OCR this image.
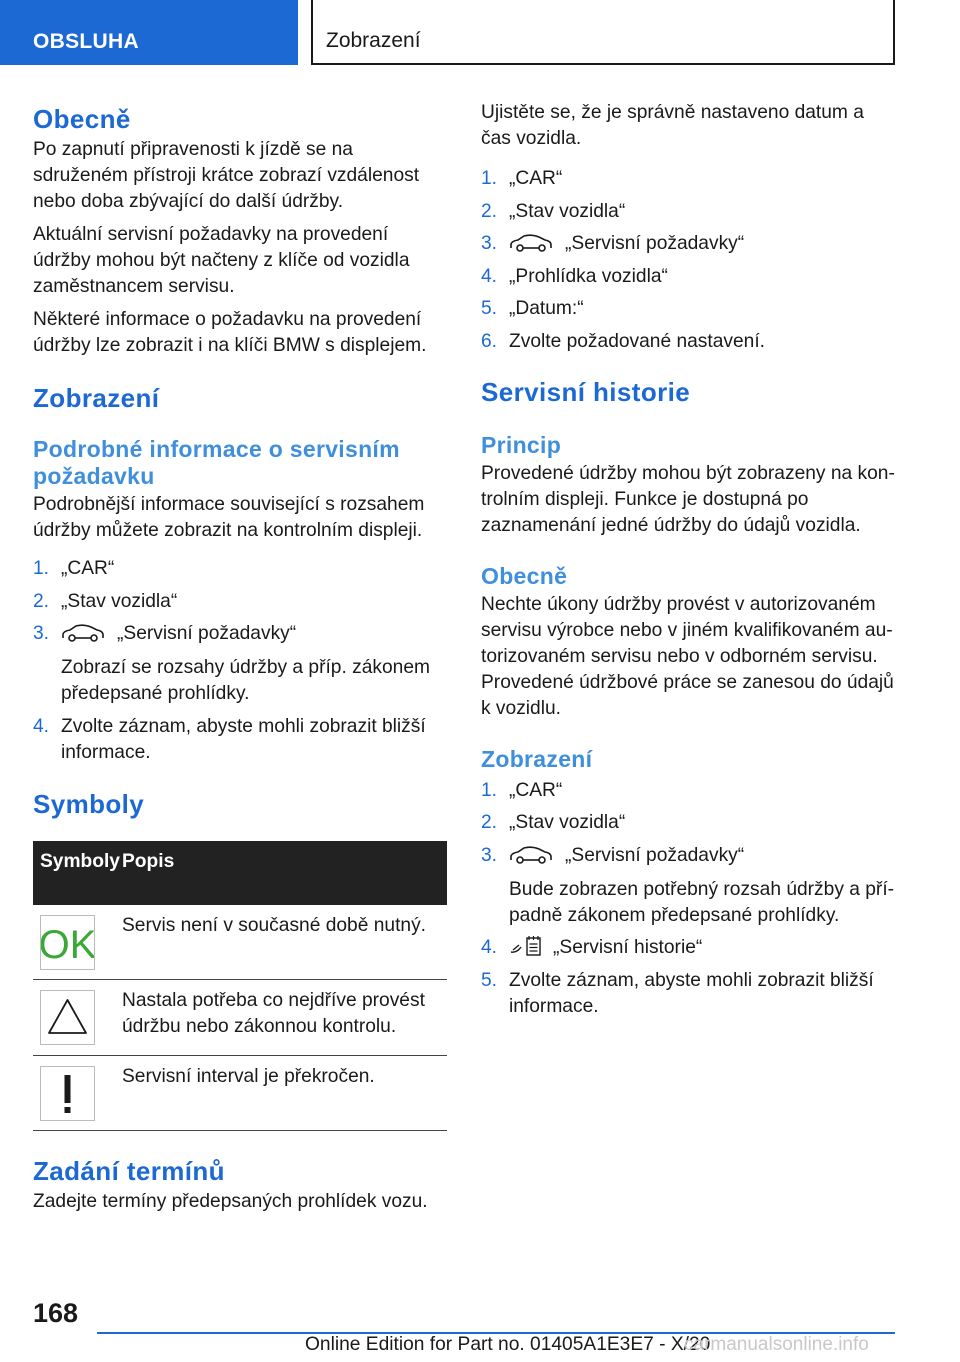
OBSLUHA	Zobrazení
Obecně

Po zapnutí připravenosti k jízdě se na sdruženém přístroji krátce zobrazí vzdálenost nebo doba zbývající do další údržby.

Aktuální servisní požadavky na provedení údržby mohou být načteny z klíče od vozidla zaměstnancem servisu.

Některé informace o požadavku na provedení údržby lze zobrazit i na klíči BMW s displejem.

Zobrazení
Podrobné informace o servisním požadavku

Podrobnější informace související s rozsahem údržby můžete zobrazit na kontrolním displeji.

1. „CAR“
2. „Stav vozidla“
3.	„Servisní požadavky“
Zobrazí se rozsahy údržby a příp. zákonem předepsané prohlídky.
4. Zvolte záznam, abyste mohli zobrazit bližší informace.
Symboly
Symboly Popis
OK Servis není v současné době nutný.
Nastala potřeba co nejdříve provést údržbu nebo zákonnou kontrolu.
Servisní interval je překročen.
Zadání termínů

Zadejte termíny předepsaných prohlídek vozu.

Ujistěte se, že je správně nastaveno datum a čas vozidla.

1. „CAR“
2. „Stav vozidla“
3.	„Servisní požadavky“
4. „Prohlídka vozidla“
5. „Datum:“
6. Zvolte požadované nastavení.
Servisní historie
Princip

Provedené údržby mohou být zobrazeny na kontrolním displeji. Funkce je dostupná po zaznamenání jedné údržby do údajů vozidla.

Obecně

Nechte úkony údržby provést v autorizovaném servisu výrobce nebo v jiném kvalifikovaném autorizovaném servisu nebo v odborném servisu. Provedené údržbové práce se zanesou do údajů k vozidlu.

Zobrazení
1. „CAR“
2. „Stav vozidla“
3.	„Servisní požadavky“
Bude zobrazen potřebný rozsah údržby a případně zákonem předepsané prohlídky.
4.	„Servisní historie“
5. Zvolte záznam, abyste mohli zobrazit bližší informace.
168
Online Edition for Part no. 01405A1E3E7 - X/20
carmanualsonline.info
